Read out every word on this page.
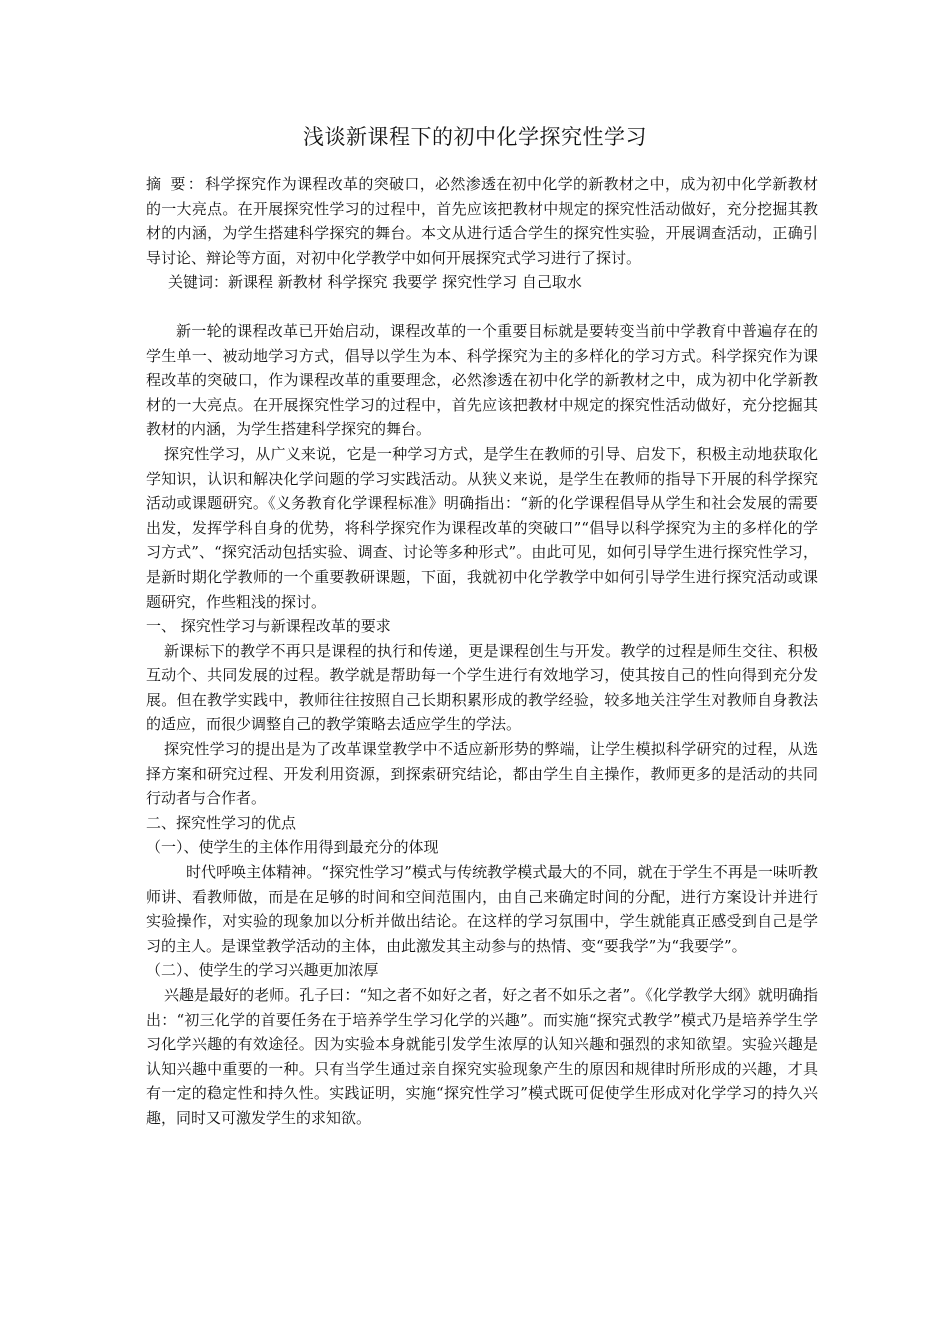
浅谈新课程下的初中化学探究性学习

摘 要：科学探究作为课程改革的突破口，必然渗透在初中化学的新教材之中，成为初中化学新教材的一大亮点。在开展探究性学习的过程中，首先应该把教材中规定的探究性活动做好，充分挖掘其教材的内涵，为学生搭建科学探究的舞台。本文从进行适合学生的探究性实验，开展调查活动，正确引导讨论、辩论等方面，对初中化学教学中如何开展探究式学习进行了探讨。

关键词：新课程 新教材 科学探究 我要学 探究性学习 自己取水

新一轮的课程改革已开始启动，课程改革的一个重要目标就是要转变当前中学教育中普遍存在的学生单一、被动地学习方式，倡导以学生为本、科学探究为主的多样化的学习方式。科学探究作为课程改革的突破口，作为课程改革的重要理念，必然渗透在初中化学的新教材之中，成为初中化学新教材的一大亮点。在开展探究性学习的过程中，首先应该把教材中规定的探究性活动做好，充分挖掘其教材的内涵，为学生搭建科学探究的舞台。

探究性学习，从广义来说，它是一种学习方式，是学生在教师的引导、启发下，积极主动地获取化学知识，认识和解决化学问题的学习实践活动。从狭义来说，是学生在教师的指导下开展的科学探究活动或课题研究。《义务教育化学课程标准》明确指出：“新的化学课程倡导从学生和社会发展的需要出发，发挥学科自身的优势，将科学探究作为课程改革的突破口”“倡导以科学探究为主的多样化的学习方式”、“探究活动包括实验、调查、讨论等多种形式”。由此可见，如何引导学生进行探究性学习，是新时期化学教师的一个重要教研课题，下面，我就初中化学教学中如何引导学生进行探究活动或课题研究，作些粗浅的探讨。

一、 探究性学习与新课程改革的要求

新课标下的教学不再只是课程的执行和传递，更是课程创生与开发。教学的过程是师生交往、积极互动个、共同发展的过程。教学就是帮助每一个学生进行有效地学习，使其按自己的性向得到充分发展。但在教学实践中，教师往往按照自己长期积累形成的教学经验，较多地关注学生对教师自身教法的适应，而很少调整自己的教学策略去适应学生的学法。

探究性学习的提出是为了改革课堂教学中不适应新形势的弊端，让学生模拟科学研究的过程，从选择方案和研究过程、开发利用资源，到探索研究结论，都由学生自主操作，教师更多的是活动的共同行动者与合作者。

二、探究性学习的优点

（一）、使学生的主体作用得到最充分的体现

时代呼唤主体精神。“探究性学习”模式与传统教学模式最大的不同，就在于学生不再是一味听教师讲、看教师做，而是在足够的时间和空间范围内，由自己来确定时间的分配，进行方案设计并进行实验操作，对实验的现象加以分析并做出结论。在这样的学习氛围中，学生就能真正感受到自己是学习的主人。是课堂教学活动的主体，由此激发其主动参与的热情、变“要我学”为“我要学”。

（二）、使学生的学习兴趣更加浓厚

兴趣是最好的老师。孔子曰：“知之者不如好之者，好之者不如乐之者”。《化学教学大纲》就明确指出：“初三化学的首要任务在于培养学生学习化学的兴趣”。而实施“探究式教学”模式乃是培养学生学习化学兴趣的有效途径。因为实验本身就能引发学生浓厚的认知兴趣和强烈的求知欲望。实验兴趣是认知兴趣中重要的一种。只有当学生通过亲自探究实验现象产生的原因和规律时所形成的兴趣，才具有一定的稳定性和持久性。实践证明，实施“探究性学习”模式既可促使学生形成对化学学习的持久兴趣，同时又可激发学生的求知欲。
